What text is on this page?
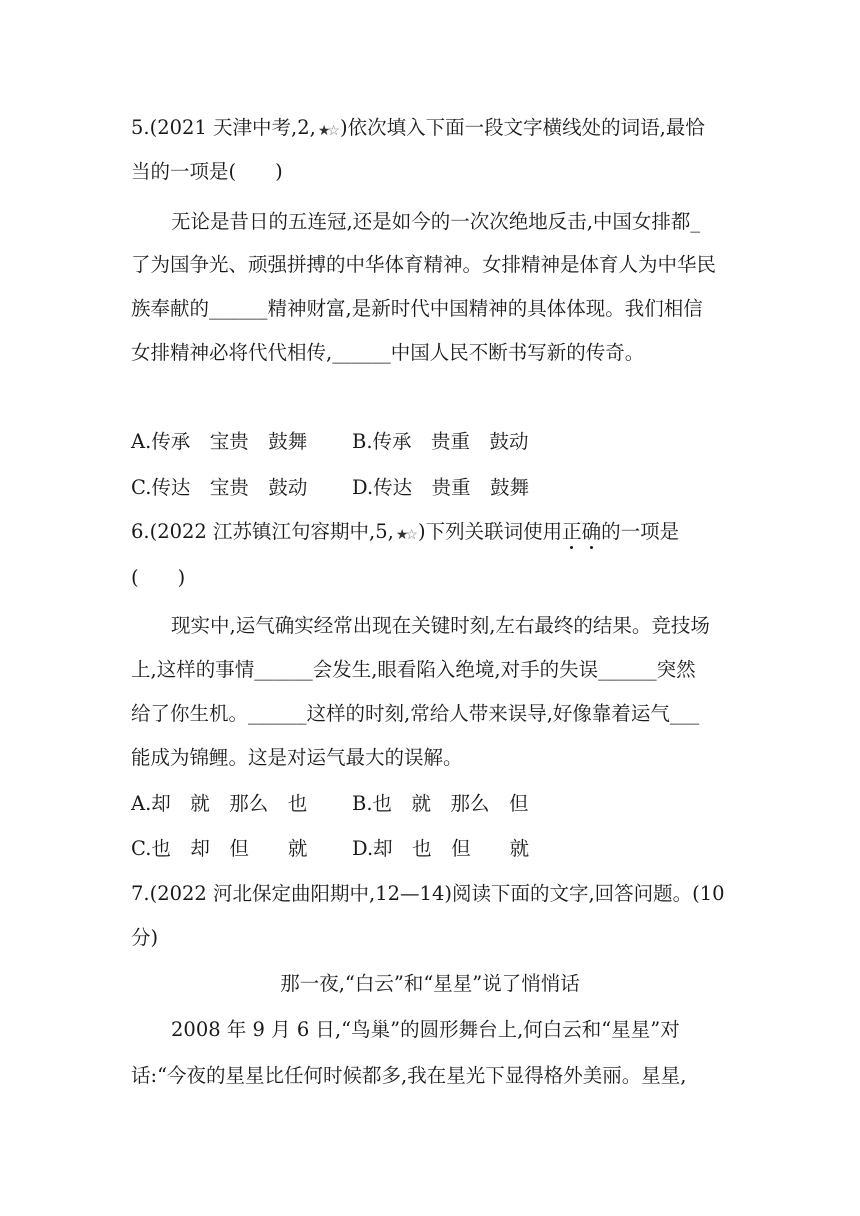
5.(2021 天津中考,2, ★☆)依次填入下面一段文字横线处的词语,最恰
当的一项是(　　)
无论是昔日的五连冠,还是如今的一次次绝地反击,中国女排都_
了为国争光、顽强拼搏的中华体育精神。女排精神是体育人为中华民
族奉献的______精神财富,是新时代中国精神的具体体现。我们相信
女排精神必将代代相传,______中国人民不断书写新的传奇。
A.传承　宝贵　鼓舞 B.传承　贵重　鼓动
C.传达　宝贵　鼓动 D.传达　贵重　鼓舞
6.(2022 江苏镇江句容期中,5, ★☆)下列关联词使用正确的一项是
(　　)
现实中,运气确实经常出现在关键时刻,左右最终的结果。竞技场
上,这样的事情______会发生,眼看陷入绝境,对手的失误______突然
给了你生机。______这样的时刻,常给人带来误导,好像靠着运气___
能成为锦鲤。这是对运气最大的误解。
A.却　就　那么　也 B.也　就　那么　但
C.也　却　但　　就 D.却　也　但　　就
7.(2022 河北保定曲阳期中,12—14)阅读下面的文字,回答问题。(10
分)
那一夜,“白云”和“星星”说了悄悄话
2008 年 9 月 6 日,“鸟巢”的圆形舞台上,何白云和“星星”对
话:“今夜的星星比任何时候都多,我在星光下显得格外美丽。星星,
